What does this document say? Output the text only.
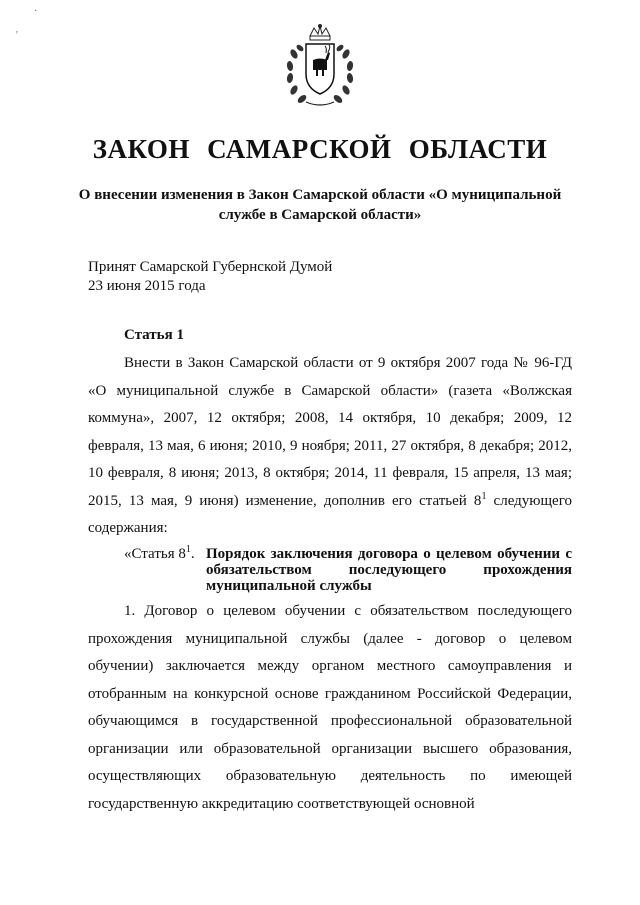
·
'
ЗАКОН САМАРСКОЙ ОБЛАСТИ
О внесении изменения в Закон Самарской области «О муниципальной службе в Самарской области»
Принят Самарской Губернской Думой
23 июня 2015 года
Статья 1
Внести в Закон Самарской области от 9 октября 2007 года № 96-ГД «О муниципальной службе в Самарской области» (газета «Волжская коммуна», 2007, 12 октября; 2008, 14 октября, 10 декабря; 2009, 12 февраля, 13 мая, 6 июня; 2010, 9 ноября; 2011, 27 октября, 8 декабря; 2012, 10 февраля, 8 июня; 2013, 8 октября; 2014, 11 февраля, 15 апреля, 13 мая; 2015, 13 мая, 9 июня) изменение, дополнив его статьей $8^1$ следующего содержания:
«Статья $8^1$. Порядок заключения договора о целевом обучении с обязательством последующего прохождения муниципальной службы
1. Договор о целевом обучении с обязательством последующего прохождения муниципальной службы (далее - договор о целевом обучении) заключается между органом местного самоуправления и отобранным на конкурсной основе гражданином Российской Федерации, обучающимся в государственной профессиональной образовательной организации или образовательной организации высшего образования, осуществляющих образовательную деятельность по имеющей государственную аккредитацию соответствующей основной
